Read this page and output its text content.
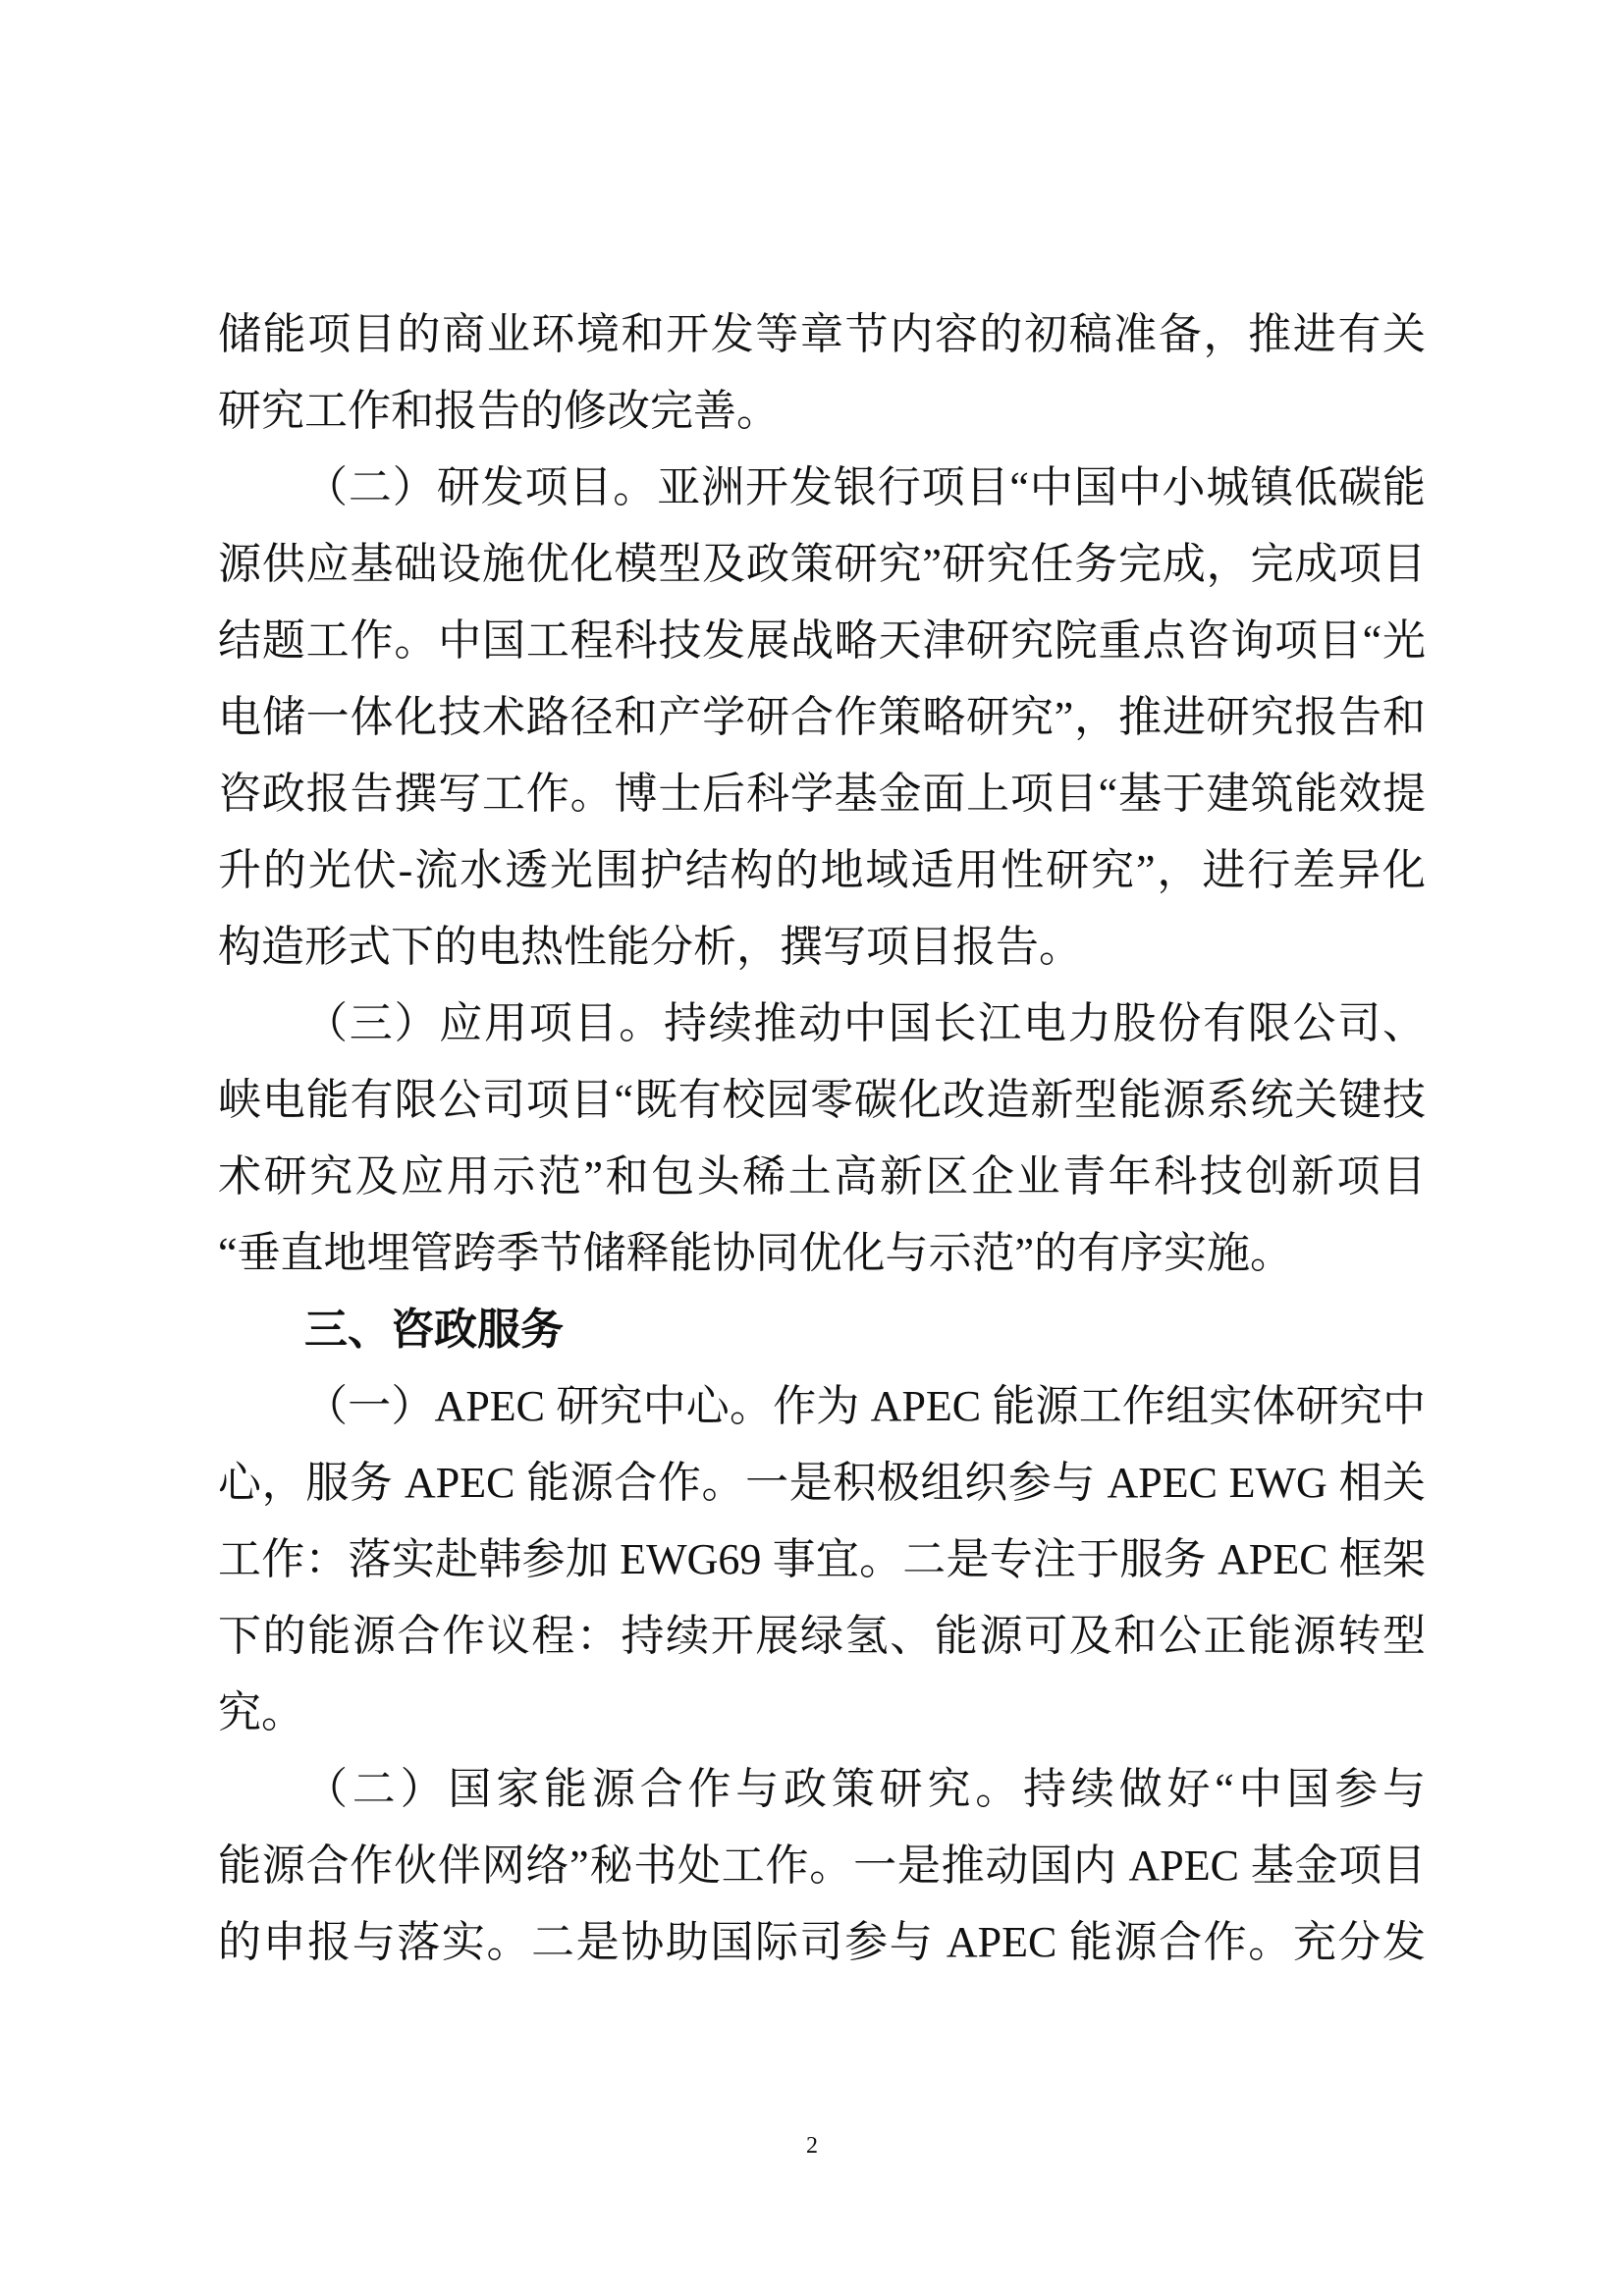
储能项目的商业环境和开发等章节内容的初稿准备，推进有关
研究工作和报告的修改完善。
（二）研发项目。亚洲开发银行项目“中国中小城镇低碳能
源供应基础设施优化模型及政策研究”研究任务完成，完成项目
结题工作。中国工程科技发展战略天津研究院重点咨询项目“光
电储一体化技术路径和产学研合作策略研究”，推进研究报告和
咨政报告撰写工作。博士后科学基金面上项目“基于建筑能效提
升的光伏-流水透光围护结构的地域适用性研究”，进行差异化
构造形式下的电热性能分析，撰写项目报告。
（三）应用项目。持续推动中国长江电力股份有限公司、
峡电能有限公司项目“既有校园零碳化改造新型能源系统关键技
术研究及应用示范”和包头稀土高新区企业青年科技创新项目
“垂直地埋管跨季节储释能协同优化与示范”的有序实施。
三、咨政服务
（一）APEC 研究中心。作为 APEC 能源工作组实体研究中
心，服务 APEC 能源合作。一是积极组织参与 APEC EWG 相关
工作：落实赴韩参加 EWG69 事宜。二是专注于服务 APEC 框架
下的能源合作议程：持续开展绿氢、能源可及和公正能源转型
究。
（二）国家能源合作与政策研究。持续做好“中国参与
能源合作伙伴网络”秘书处工作。一是推动国内 APEC 基金项目
的申报与落实。二是协助国际司参与 APEC 能源合作。充分发
2
